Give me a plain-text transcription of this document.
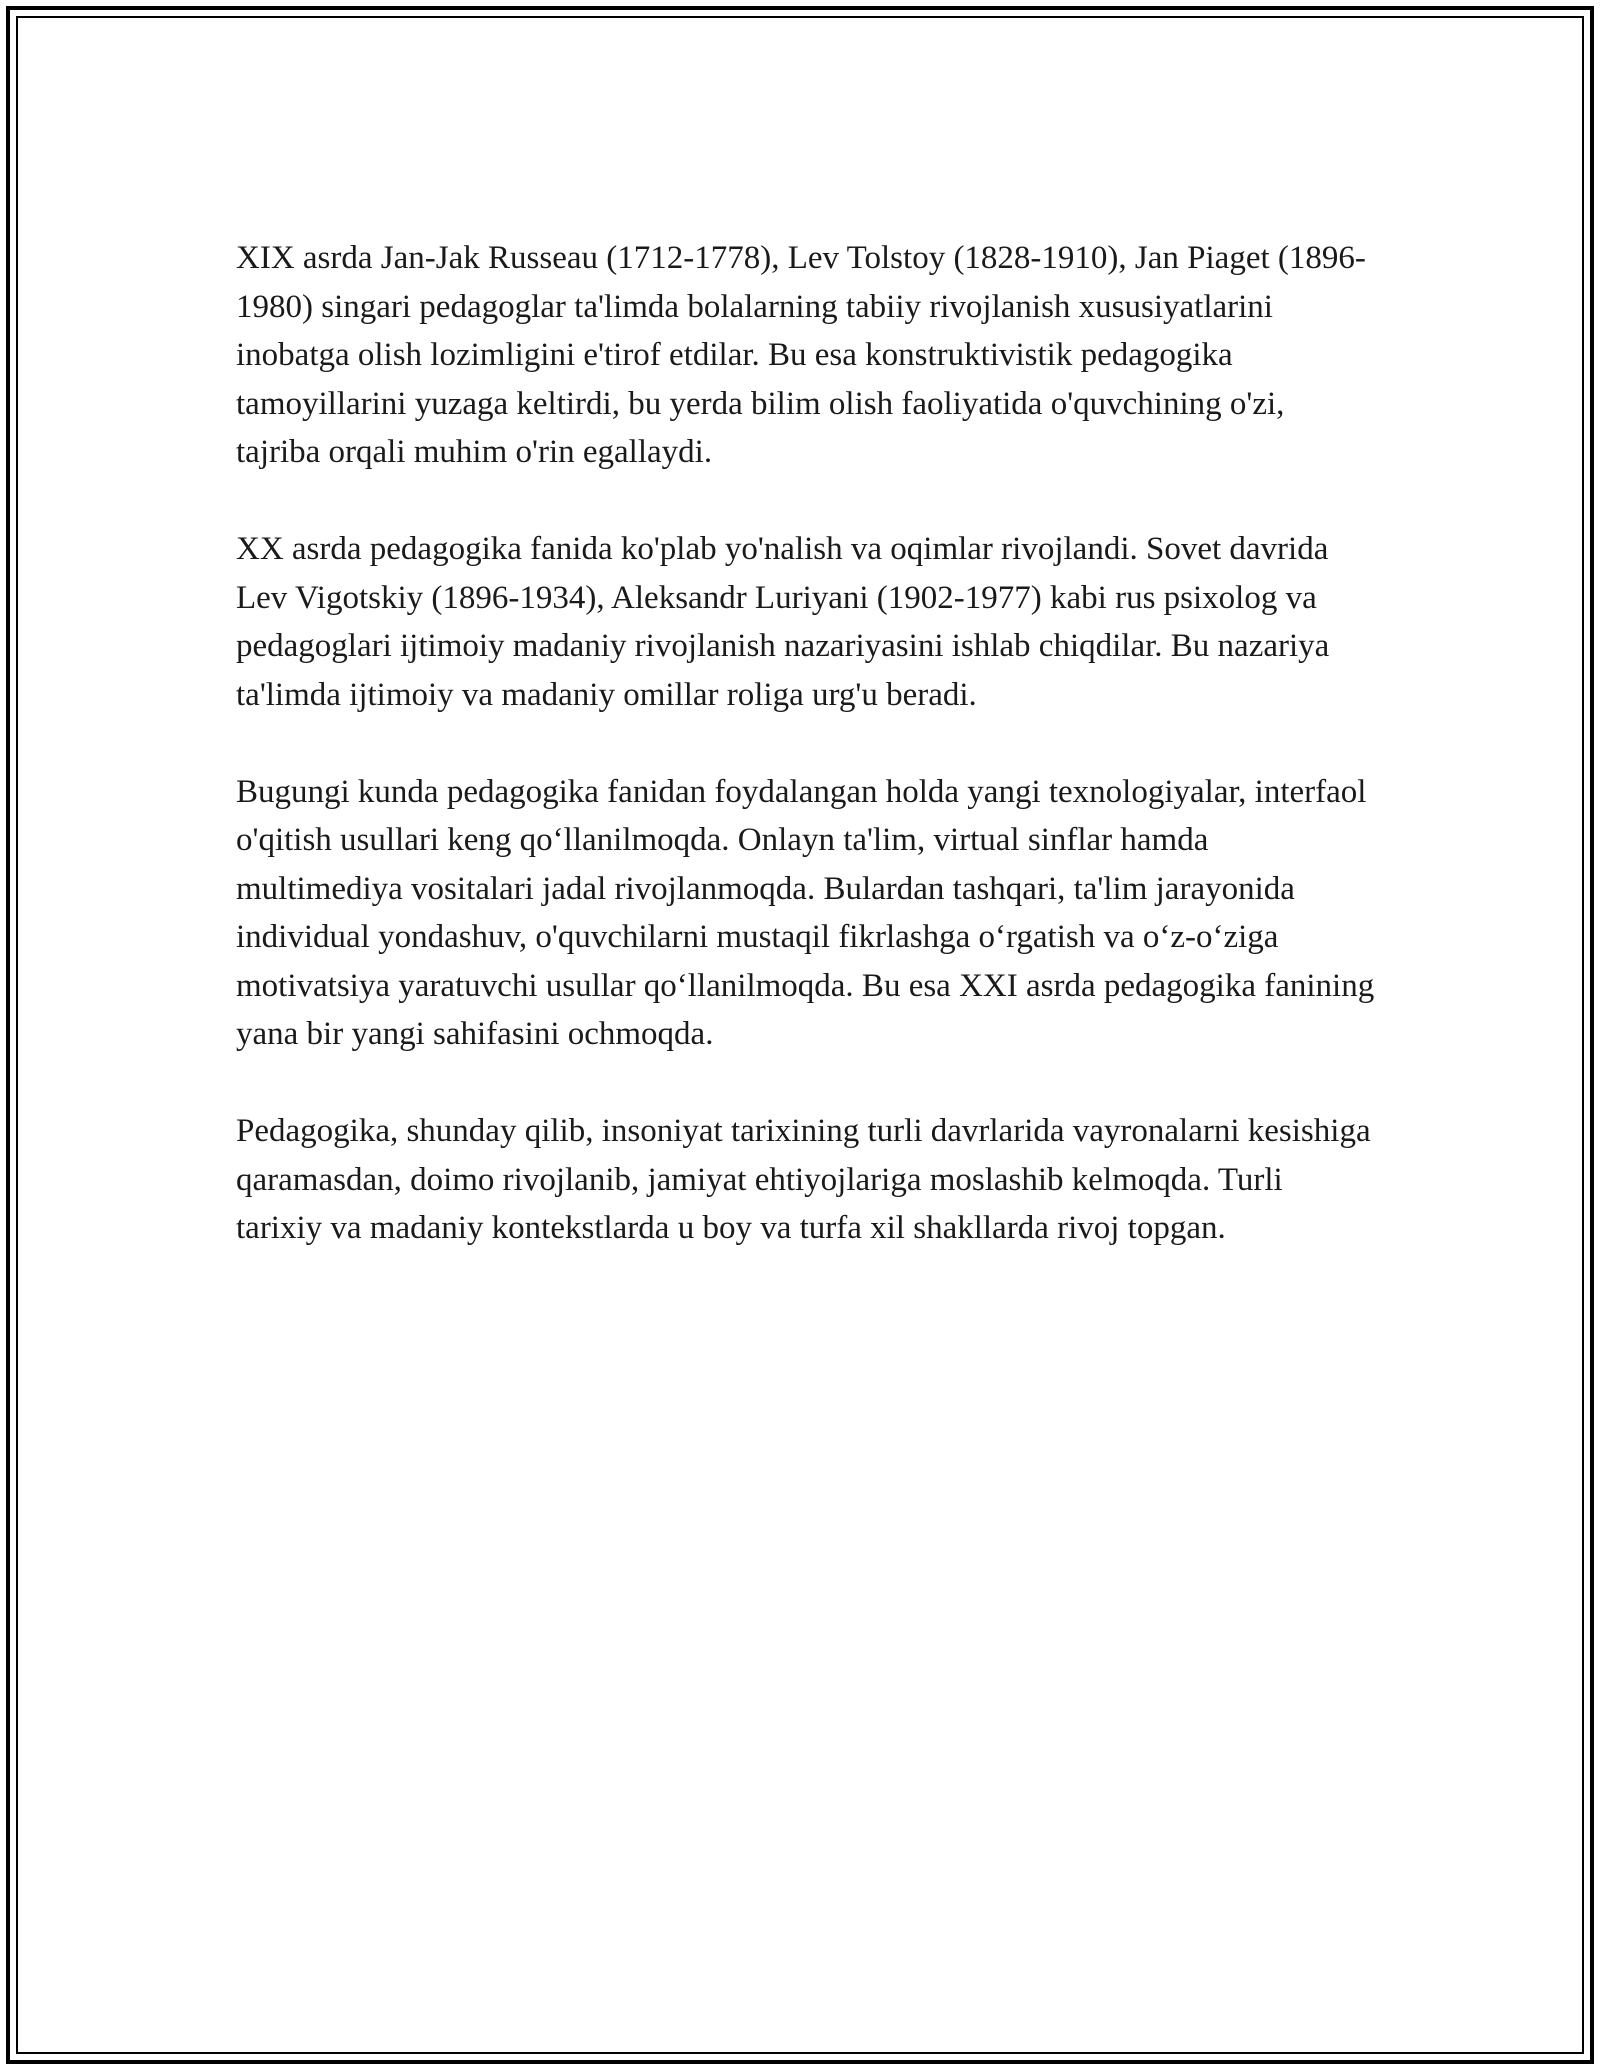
XIX asrda Jan-Jak Russeau (1712-1778), Lev Tolstoy (1828-1910), Jan Piaget (1896-1980) singari pedagoglar ta'limda bolalarning tabiiy rivojlanish xususiyatlarini inobatga olish lozimligini e'tirof etdilar. Bu esa konstruktivistik pedagogika tamoyillarini yuzaga keltirdi, bu yerda bilim olish faoliyatida o'quvchining o'zi, tajriba orqali muhim o'rin egallaydi.

XX asrda pedagogika fanida ko'plab yo'nalish va oqimlar rivojlandi. Sovet davrida Lev Vigotskiy (1896-1934), Aleksandr Luriyani (1902-1977) kabi rus psixolog va pedagoglari ijtimoiy madaniy rivojlanish nazariyasini ishlab chiqdilar. Bu nazariya ta'limda ijtimoiy va madaniy omillar roliga urg'u beradi.

Bugungi kunda pedagogika fanidan foydalangan holda yangi texnologiyalar, interfaol o'qitish usullari keng qo‘llanilmoqda. Onlayn ta'lim, virtual sinflar hamda multimediya vositalari jadal rivojlanmoqda. Bulardan tashqari, ta'lim jarayonida individual yondashuv, o'quvchilarni mustaqil fikrlashga o‘rgatish va o‘z-o‘ziga motivatsiya yaratuvchi usullar qo‘llanilmoqda. Bu esa XXI asrda pedagogika fanining yana bir yangi sahifasini ochmoqda.

Pedagogika, shunday qilib, insoniyat tarixining turli davrlarida vayronalarni kesishiga qaramasdan, doimo rivojlanib, jamiyat ehtiyojlariga moslashib kelmoqda. Turli tarixiy va madaniy kontekstlarda u boy va turfa xil shakllarda rivoj topgan.
